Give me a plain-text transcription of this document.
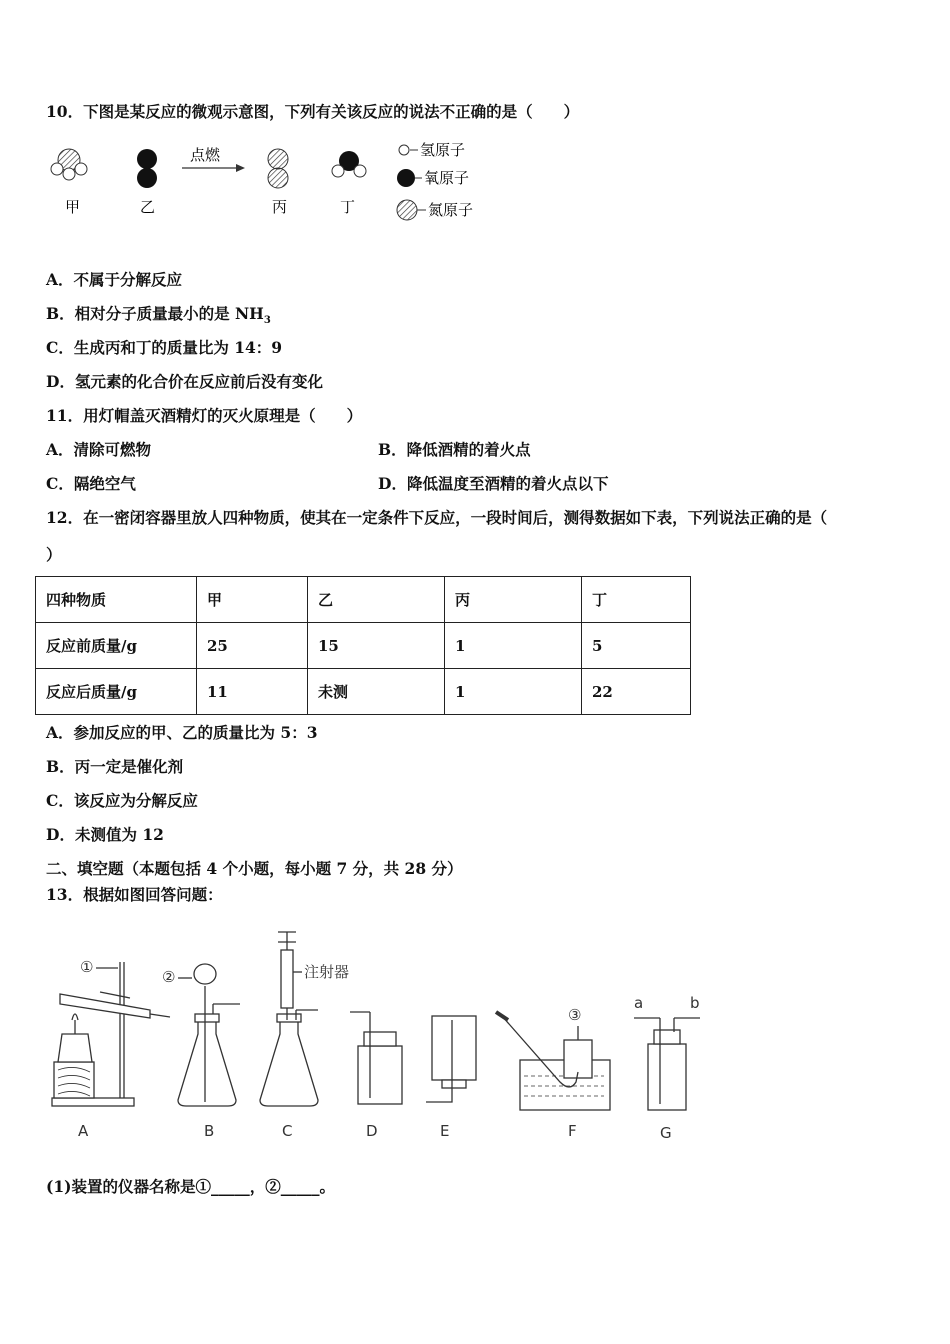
10．下图是某反应的微观示意图，下列有关该反应的说法不正确的是（　　）
点燃
甲	乙	丙	丁
氢原子
氧原子
氮原子
A．不属于分解反应
B．相对分子质量最小的是 $NH_3$
C．生成丙和丁的质量比为 14：9
D．氢元素的化合价在反应前后没有变化
11．用灯帽盖灭酒精灯的灭火原理是（　　）
A．清除可燃物	B．降低酒精的着火点
C．隔绝空气	D．降低温度至酒精的着火点以下
12．在一密闭容器里放人四种物质，使其在一定条件下反应，一段时间后，测得数据如下表，下列说法正确的是（
）
四种物质	甲	乙	丙	丁
反应前质量/g	25	15	1	5
反应后质量/g	11	未测	1	22
A．参加反应的甲、乙的质量比为 5：3
B．丙一定是催化剂
C．该反应为分解反应
D．未测值为 12
二、填空题（本题包括 4 个小题，每小题 7 分，共 28 分）
13．根据如图回答问题：
①
A
②
B
注射器
C	D	E
③
F
a	b
G
(1)装置的仪器名称是①_____，②_____。
